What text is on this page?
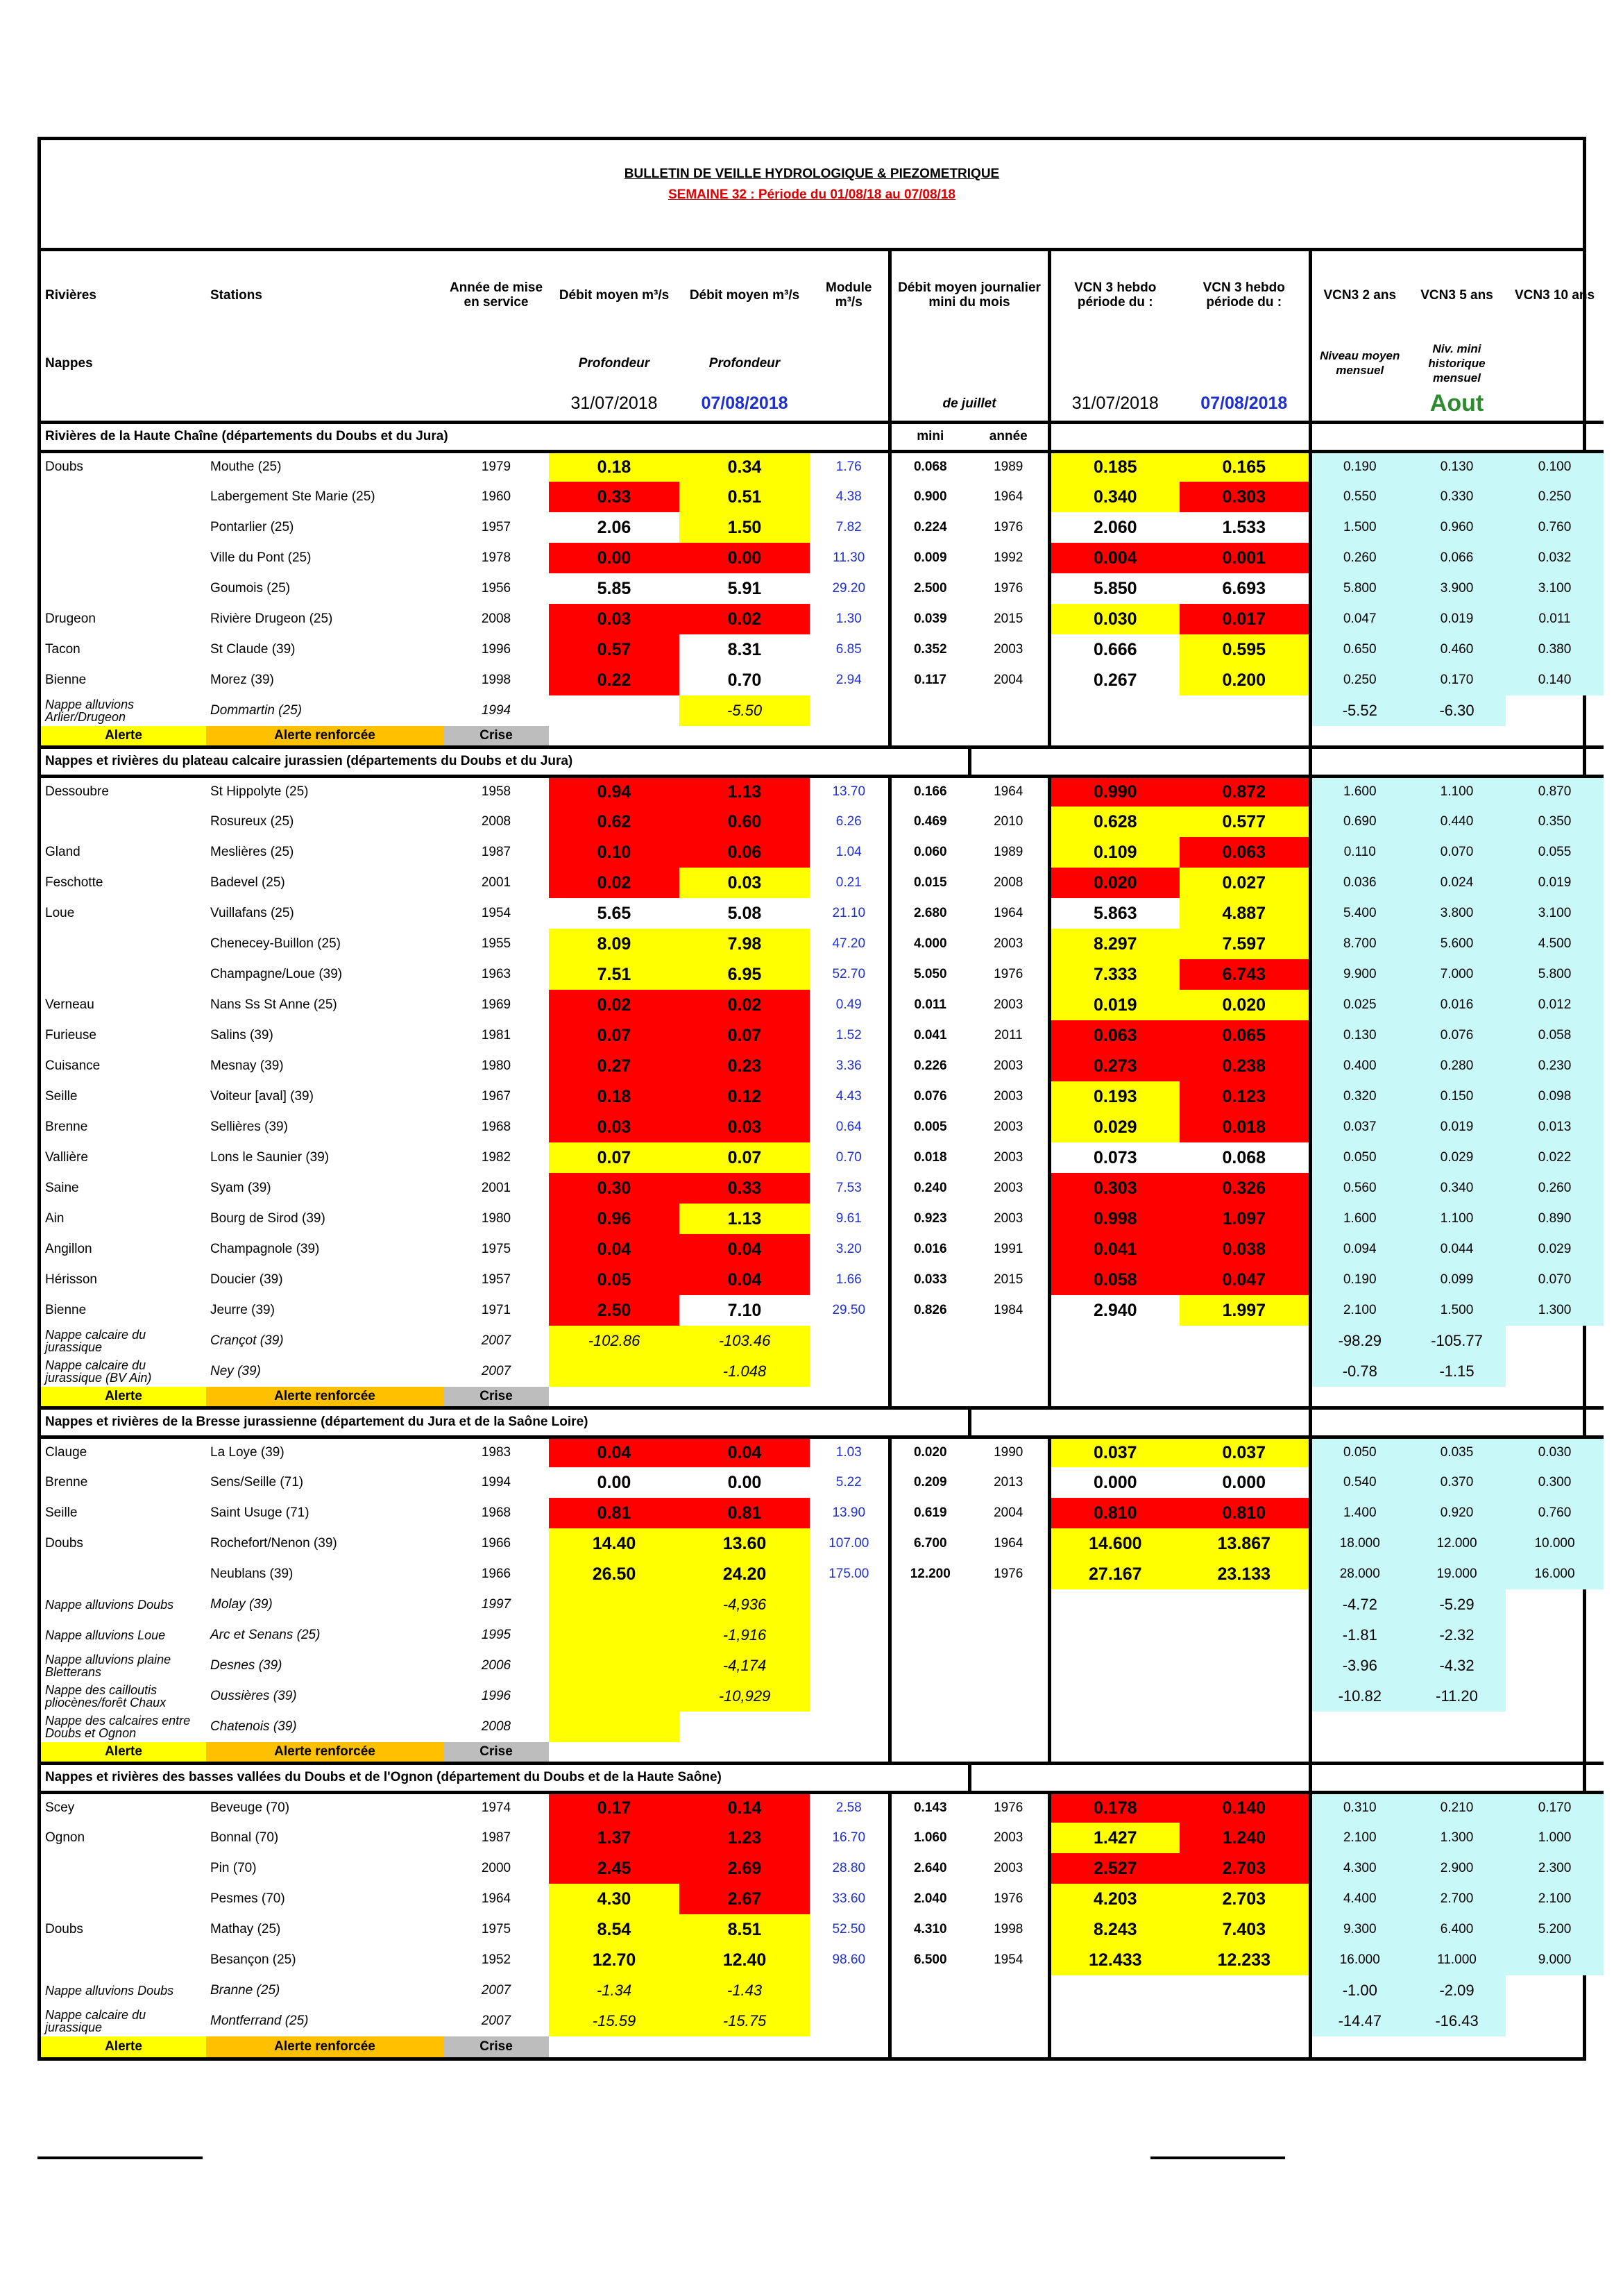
BULLETIN DE VEILLE HYDROLOGIQUE & PIEZOMETRIQUE
SEMAINE 32 : Période du 01/08/18 au 07/08/18
Rivières	Stations	Année de mise en service	Débit moyen m³/s	Débit moyen m³/s	Module m³/s	Débit moyen journalier mini du mois		VCN 3 hebdo période du :	VCN 3 hebdo période du :	VCN3 2 ans	VCN3 5 ans	VCN3 10 ans
Nappes			Profondeur	Profondeur						Niveau moyen mensuel	Niv. mini historique mensuel	
			31/07/2018	07/08/2018		de juillet		31/07/2018	07/08/2018		Aout	
Rivières de la Haute Chaîne (départements du Doubs et du Jura)						mini	année					
Doubs	Mouthe (25)	1979	0.18	0.34	1.76	0.068	1989	0.185	0.165	0.190	0.130	0.100
	Labergement Ste Marie (25)	1960	0.33	0.51	4.38	0.900	1964	0.340	0.303	0.550	0.330	0.250
	Pontarlier (25)	1957	2.06	1.50	7.82	0.224	1976	2.060	1.533	1.500	0.960	0.760
	Ville du Pont (25)	1978	0.00	0.00	11.30	0.009	1992	0.004	0.001	0.260	0.066	0.032
	Goumois (25)	1956	5.85	5.91	29.20	2.500	1976	5.850	6.693	5.800	3.900	3.100
Drugeon	Rivière Drugeon (25)	2008	0.03	0.02	1.30	0.039	2015	0.030	0.017	0.047	0.019	0.011
Tacon	St Claude (39)	1996	0.57	8.31	6.85	0.352	2003	0.666	0.595	0.650	0.460	0.380
Bienne	Morez (39)	1998	0.22	0.70	2.94	0.117	2004	0.267	0.200	0.250	0.170	0.140
Nappe alluvions Arlier/Drugeon	Dommartin (25)	1994		-5.50						-5.52	-6.30	
Alerte	Alerte renforcée	Crise										
Nappes et rivières du plateau calcaire jurassien (départements du Doubs et du Jura)												
Dessoubre	St Hippolyte (25)	1958	0.94	1.13	13.70	0.166	1964	0.990	0.872	1.600	1.100	0.870
	Rosureux (25)	2008	0.62	0.60	6.26	0.469	2010	0.628	0.577	0.690	0.440	0.350
Gland	Meslières (25)	1987	0.10	0.06	1.04	0.060	1989	0.109	0.063	0.110	0.070	0.055
Feschotte	Badevel (25)	2001	0.02	0.03	0.21	0.015	2008	0.020	0.027	0.036	0.024	0.019
Loue	Vuillafans (25)	1954	5.65	5.08	21.10	2.680	1964	5.863	4.887	5.400	3.800	3.100
	Chenecey-Buillon (25)	1955	8.09	7.98	47.20	4.000	2003	8.297	7.597	8.700	5.600	4.500
	Champagne/Loue (39)	1963	7.51	6.95	52.70	5.050	1976	7.333	6.743	9.900	7.000	5.800
Verneau	Nans Ss St Anne (25)	1969	0.02	0.02	0.49	0.011	2003	0.019	0.020	0.025	0.016	0.012
Furieuse	Salins (39)	1981	0.07	0.07	1.52	0.041	2011	0.063	0.065	0.130	0.076	0.058
Cuisance	Mesnay (39)	1980	0.27	0.23	3.36	0.226	2003	0.273	0.238	0.400	0.280	0.230
Seille	Voiteur [aval] (39)	1967	0.18	0.12	4.43	0.076	2003	0.193	0.123	0.320	0.150	0.098
Brenne	Sellières (39)	1968	0.03	0.03	0.64	0.005	2003	0.029	0.018	0.037	0.019	0.013
Vallière	Lons le Saunier (39)	1982	0.07	0.07	0.70	0.018	2003	0.073	0.068	0.050	0.029	0.022
Saine	Syam (39)	2001	0.30	0.33	7.53	0.240	2003	0.303	0.326	0.560	0.340	0.260
Ain	Bourg de Sirod (39)	1980	0.96	1.13	9.61	0.923	2003	0.998	1.097	1.600	1.100	0.890
Angillon	Champagnole (39)	1975	0.04	0.04	3.20	0.016	1991	0.041	0.038	0.094	0.044	0.029
Hérisson	Doucier (39)	1957	0.05	0.04	1.66	0.033	2015	0.058	0.047	0.190	0.099	0.070
Bienne	Jeurre (39)	1971	2.50	7.10	29.50	0.826	1984	2.940	1.997	2.100	1.500	1.300
Nappe calcaire du jurassique	Crançot (39)	2007	-102.86	-103.46						-98.29	-105.77	
Nappe calcaire du jurassique (BV Ain)	Ney (39)	2007		-1.048						-0.78	-1.15	
Alerte	Alerte renforcée	Crise										
Nappes et rivières de la Bresse jurassienne (département du Jura et de la Saône Loire)												
Clauge	La Loye (39)	1983	0.04	0.04	1.03	0.020	1990	0.037	0.037	0.050	0.035	0.030
Brenne	Sens/Seille (71)	1994	0.00	0.00	5.22	0.209	2013	0.000	0.000	0.540	0.370	0.300
Seille	Saint Usuge (71)	1968	0.81	0.81	13.90	0.619	2004	0.810	0.810	1.400	0.920	0.760
Doubs	Rochefort/Nenon (39)	1966	14.40	13.60	107.00	6.700	1964	14.600	13.867	18.000	12.000	10.000
	Neublans (39)	1966	26.50	24.20	175.00	12.200	1976	27.167	23.133	28.000	19.000	16.000
Nappe alluvions Doubs	Molay (39)	1997		-4,936						-4.72	-5.29	
Nappe alluvions Loue	Arc et Senans (25)	1995		-1,916						-1.81	-2.32	
Nappe alluvions plaine Bletterans	Desnes (39)	2006		-4,174						-3.96	-4.32	
Nappe des cailloutis pliocènes/forêt Chaux	Oussières (39)	1996		-10,929						-10.82	-11.20	
Nappe des calcaires entre Doubs et Ognon	Chatenois (39)	2008										
Alerte	Alerte renforcée	Crise										
Nappes et rivières des basses vallées du Doubs et de l'Ognon (département du Doubs et de la Haute Saône)												
Scey	Beveuge (70)	1974	0.17	0.14	2.58	0.143	1976	0.178	0.140	0.310	0.210	0.170
Ognon	Bonnal (70)	1987	1.37	1.23	16.70	1.060	2003	1.427	1.240	2.100	1.300	1.000
	Pin (70)	2000	2.45	2.69	28.80	2.640	2003	2.527	2.703	4.300	2.900	2.300
	Pesmes (70)	1964	4.30	2.67	33.60	2.040	1976	4.203	2.703	4.400	2.700	2.100
Doubs	Mathay (25)	1975	8.54	8.51	52.50	4.310	1998	8.243	7.403	9.300	6.400	5.200
	Besançon (25)	1952	12.70	12.40	98.60	6.500	1954	12.433	12.233	16.000	11.000	9.000
Nappe alluvions Doubs	Branne (25)	2007	-1.34	-1.43						-1.00	-2.09	
Nappe calcaire du jurassique	Montferrand (25)	2007	-15.59	-15.75						-14.47	-16.43	
Alerte	Alerte renforcée	Crise										
